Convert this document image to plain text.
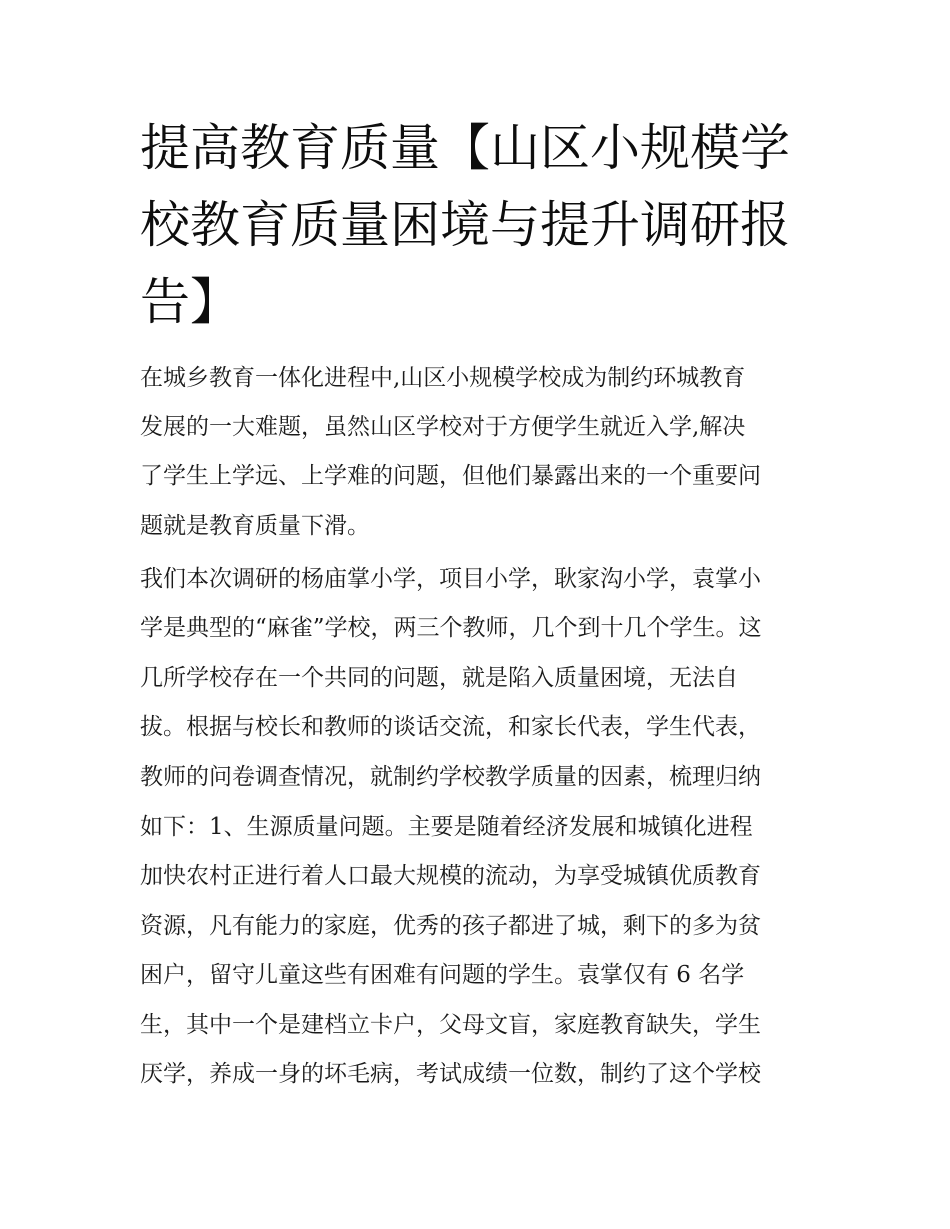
提高教育质量【山区小规模学
校教育质量困境与提升调研报
告】
在城乡教育一体化进程中,山区小规模学校成为制约环城教育
发展的一大难题，虽然山区学校对于方便学生就近入学,解决
了学生上学远、上学难的问题，但他们暴露出来的一个重要问
题就是教育质量下滑。
我们本次调研的杨庙掌小学，项目小学，耿家沟小学，袁掌小
学是典型的“麻雀”学校，两三个教师，几个到十几个学生。这
几所学校存在一个共同的问题，就是陷入质量困境，无法自
拔。根据与校长和教师的谈话交流，和家长代表，学生代表，
教师的问卷调查情况，就制约学校教学质量的因素，梳理归纳
如下：1、生源质量问题。主要是随着经济发展和城镇化进程
加快农村正进行着人口最大规模的流动，为享受城镇优质教育
资源，凡有能力的家庭，优秀的孩子都进了城，剩下的多为贫
困户，留守儿童这些有困难有问题的学生。袁掌仅有 6 名学
生，其中一个是建档立卡户，父母文盲，家庭教育缺失，学生
厌学，养成一身的坏毛病，考试成绩一位数，制约了这个学校
